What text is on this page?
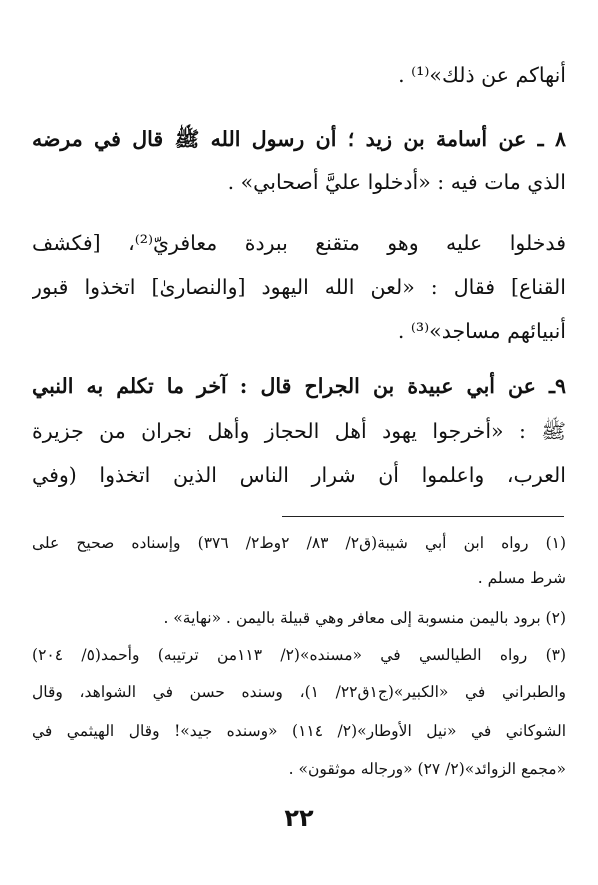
أنهاكم عن ذلك»⁽¹⁾ .
٨ ـ عن أسامة بن زيد ؛ أن رسول الله ﷺ قال في مرضه
الذي مات فيه : «أدخلوا عليَّ أصحابي» .
فدخلوا عليه وهو متقنع ببردة معافريّ⁽²⁾، [فكشف
القناع] فقال : «لعن الله اليهود [والنصارىٰ] اتخذوا قبور
أنبيائهم مساجد»⁽³⁾ .
٩ـ عن أبي عبيدة بن الجراح قال : آخر ما تكلم به النبي
ﷺ : «أخرجوا يهود أهل الحجاز وأهل نجران من جزيرة
العرب، واعلموا أن شرار الناس الذين اتخذوا (وفي
(١) رواه ابن أبي شيبة(ق٢/ ٨٣/ ٢وط٢/ ٣٧٦) وإسناده صحيح على
شرط مسلم .
(٢) برود باليمن منسوبة إلى معافر وهي قبيلة باليمن . «نهاية» .
(٣) رواه الطيالسي في «مسنده»(٢/ ١١٣من ترتيبه) وأحمد(٥/ ٢٠٤)
والطبراني في «الكبير»(ج١ق٢٢/ ١)، وسنده حسن في الشواهد، وقال
الشوكاني في «نيل الأوطار»(٢/ ١١٤) «وسنده جيد»! وقال الهيثمي في
«مجمع الزوائد»(٢/ ٢٧) «ورجاله موثقون» .
٢٢
